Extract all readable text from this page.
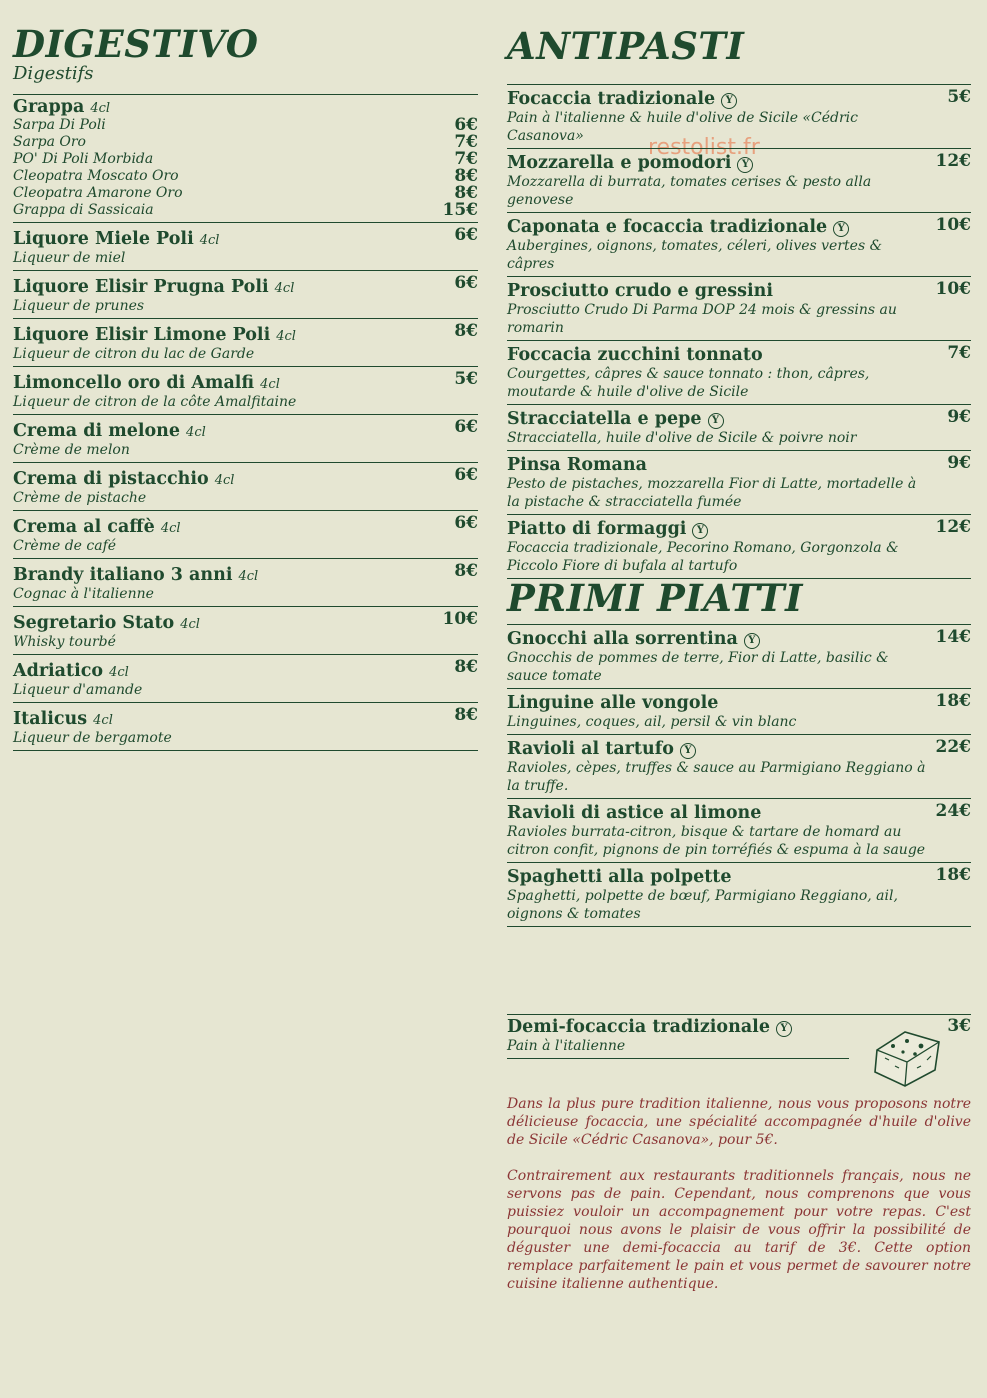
restolist.fr
DIGESTIVO

Digestifs

Grappa 4cl
Sarpa Di Poli	6€
Sarpa Oro	7€
PO' Di Poli Morbida	7€
Cleopatra Moscato Oro	8€
Cleopatra Amarone Oro	8€
Grappa di Sassicaia	15€
Liquore Miele Poli 4cl
Liqueur de miel
6€
Liquore Elisir Prugna Poli 4cl
Liqueur de prunes
6€
Liquore Elisir Limone Poli 4cl
Liqueur de citron du lac de Garde
8€
Limoncello oro di Amalfi 4cl
Liqueur de citron de la côte Amalfitaine
5€
Crema di melone 4cl
Crème de melon
6€
Crema di pistacchio 4cl
Crème de pistache
6€
Crema al caffè 4cl
Crème de café
6€
Brandy italiano 3 anni 4cl
Cognac à l'italienne
8€
Segretario Stato 4cl
Whisky tourbé
10€
Adriatico 4cl
Liqueur d'amande
8€
Italicus 4cl
Liqueur de bergamote
8€
ANTIPASTI
Focaccia tradizionale Y
Pain à l'italienne & huile d'olive de Sicile «Cédric Casanova»
5€
Mozzarella e pomodori Y
Mozzarella di burrata, tomates cerises & pesto alla genovese
12€
Caponata e focaccia tradizionale Y
Aubergines, oignons, tomates, céleri, olives vertes & câpres
10€
Prosciutto crudo e gressini
Prosciutto Crudo Di Parma DOP 24 mois & gressins au romarin
10€
Foccacia zucchini tonnato
Courgettes, câpres & sauce tonnato : thon, câpres, moutarde & huile d'olive de Sicile
7€
Stracciatella e pepe Y
Stracciatella, huile d'olive de Sicile & poivre noir
9€
Pinsa Romana
Pesto de pistaches, mozzarella Fior di Latte, mortadelle à la pistache & stracciatella fumée
9€
Piatto di formaggi Y
Focaccia tradizionale, Pecorino Romano, Gorgonzola & Piccolo Fiore di bufala al tartufo
12€
PRIMI PIATTI
Gnocchi alla sorrentina Y
Gnocchis de pommes de terre, Fior di Latte, basilic & sauce tomate
14€
Linguine alle vongole
Linguines, coques, ail, persil & vin blanc
18€
Ravioli al tartufo Y
Ravioles, cèpes, truffes & sauce au Parmigiano Reggiano à la truffe.
22€
Ravioli di astice al limone
Ravioles burrata-citron, bisque & tartare de homard au citron confit, pignons de pin torréfiés & espuma à la sauge
24€
Spaghetti alla polpette
Spaghetti, polpette de bœuf, Parmigiano Reggiano, ail, oignons & tomates
18€
Demi-focaccia tradizionale Y
Pain à l'italienne
3€
Dans la plus pure tradition italienne, nous vous proposons notre délicieuse focaccia, une spécialité accompagnée d'huile d'olive de Sicile «Cédric Casanova», pour 5€.
Contrairement aux restaurants traditionnels français, nous ne servons pas de pain. Cependant, nous comprenons que vous puissiez vouloir un accompagnement pour votre repas. C'est pourquoi nous avons le plaisir de vous offrir la possibilité de déguster une demi-focaccia au tarif de 3€. Cette option remplace parfaitement le pain et vous permet de savourer notre cuisine italienne authentique.
